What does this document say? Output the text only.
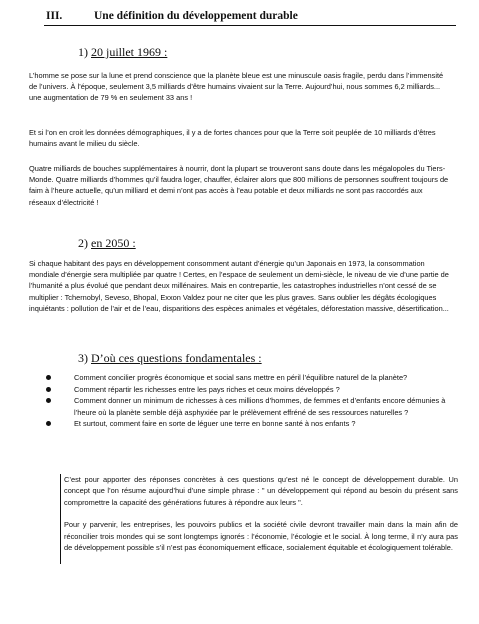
III.	Une définition du développement durable
1) 20 juillet 1969 :

L’homme se pose sur la lune et prend conscience que la planète bleue est une minuscule oasis fragile, perdu dans l’immensité de l’univers. À l’époque, seulement 3,5 milliards d’être humains vivaient sur la Terre. Aujourd’hui, nous sommes 6,2 milliards... une augmentation de 79 % en seulement 33 ans !

Et si l’on en croit les données démographiques, il y a de fortes chances pour que la Terre soit peuplée de 10 milliards d’êtres humains avant le milieu du siècle.

Quatre milliards de bouches supplémentaires à nourrir, dont la plupart se trouveront sans doute dans les mégalopoles du Tiers-Monde. Quatre milliards d’hommes qu’il faudra loger, chauffer, éclairer alors que 800 millions de personnes souffrent toujours de faim à l’heure actuelle, qu’un milliard et demi n’ont pas accès à l’eau potable et deux milliards ne sont pas raccordés aux réseaux d’électricité !

2) en 2050 :

Si chaque habitant des pays en développement consomment autant d’énergie qu’un Japonais en 1973, la consommation mondiale d’énergie sera multipliée par quatre ! Certes, en l’espace de seulement un demi-siècle, le niveau de vie d’une partie de l’humanité a plus évolué que pendant deux millénaires. Mais en contrepartie, les catastrophes industrielles n’ont cessé de se multiplier : Tchernobyl, Seveso, Bhopal, Exxon Valdez pour ne citer que les plus graves. Sans oublier les dégâts écologiques inquiétants : pollution de l’air et de l’eau, disparitions des espèces animales et végétales, déforestation massive, désertification...

3) D’où ces questions fondamentales :
Comment concilier progrès économique et social sans mettre en péril l’équilibre naturel de la planète?
Comment répartir les richesses entre les pays riches et ceux moins développés ?
Comment donner un minimum de richesses à ces millions d’hommes, de femmes et d’enfants encore démunies à l’heure où la planète semble déjà asphyxiée par le prélèvement effréné de ses ressources naturelles ?
Et surtout, comment faire en sorte de léguer une terre en bonne santé à nos enfants ?

C’est pour apporter des réponses concrètes à ces questions qu’est né le concept de développement durable. Un concept que l’on résume aujourd’hui d’une simple phrase : " un développement qui répond au besoin du présent sans compromettre la capacité des générations futures à répondre aux leurs ".

Pour y parvenir, les entreprises, les pouvoirs publics et la société civile devront travailler main dans la main afin de réconcilier trois mondes qui se sont longtemps ignorés : l’économie, l’écologie et le social. À long terme, il n’y aura pas de développement possible s’il n’est pas économiquement efficace, socialement équitable et écologiquement tolérable.
